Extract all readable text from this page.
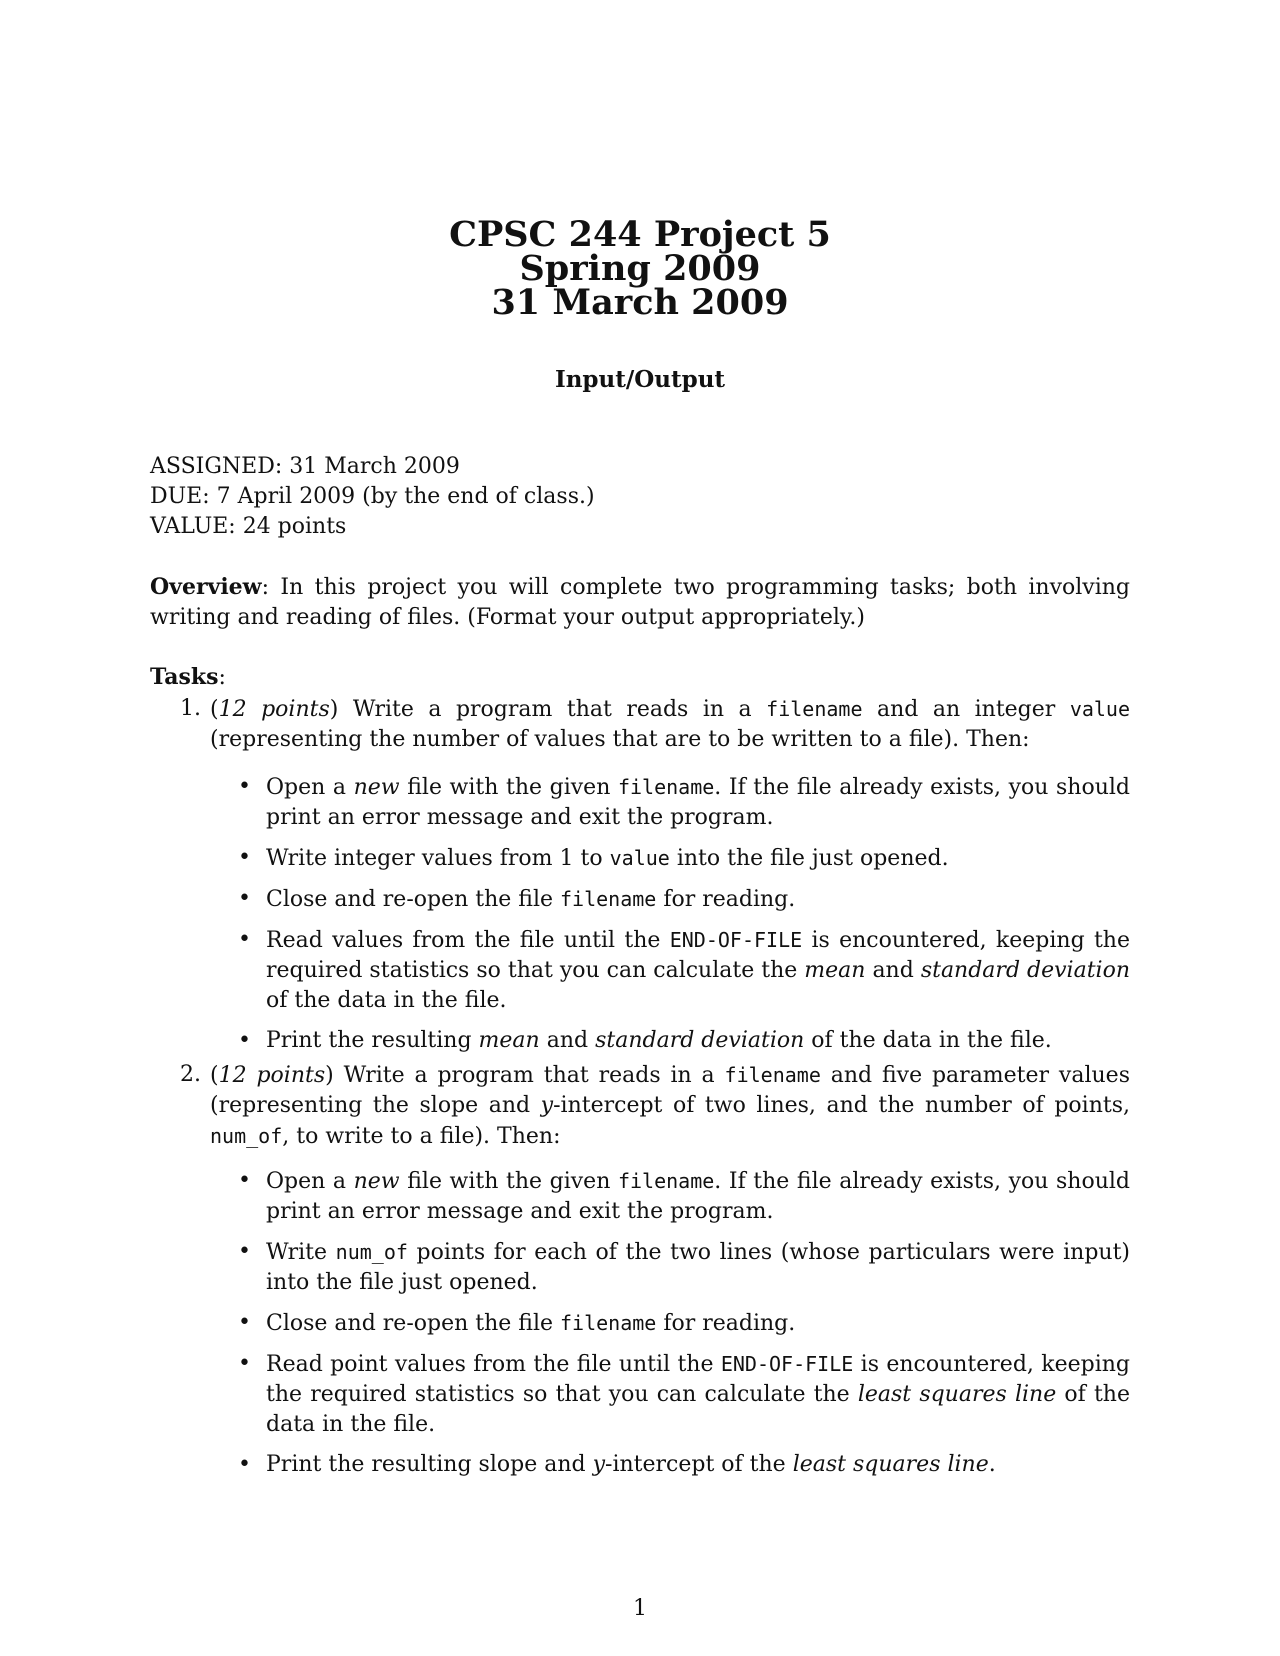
CPSC 244 Project 5
Spring 2009
31 March 2009
Input/Output
ASSIGNED: 31 March 2009
DUE: 7 April 2009 (by the end of class.)
VALUE: 24 points
Overview: In this project you will complete two programming tasks; both involving writing and reading of files. (Format your output appropriately.)
Tasks:
1. (12 points) Write a program that reads in a filename and an integer value (representing the number of values that are to be written to a file). Then:
• Open a new file with the given filename. If the file already exists, you should print an error message and exit the program.
• Write integer values from 1 to value into the file just opened.
• Close and re-open the file filename for reading.
• Read values from the file until the END-OF-FILE is encountered, keeping the required statistics so that you can calculate the mean and standard deviation of the data in the file.
• Print the resulting mean and standard deviation of the data in the file.
2. (12 points) Write a program that reads in a filename and five parameter values (representing the slope and y-intercept of two lines, and the number of points, num_of, to write to a file). Then:
• Open a new file with the given filename. If the file already exists, you should print an error message and exit the program.
• Write num_of points for each of the two lines (whose particulars were input) into the file just opened.
• Close and re-open the file filename for reading.
• Read point values from the file until the END-OF-FILE is encountered, keeping the required statistics so that you can calculate the least squares line of the data in the file.
• Print the resulting slope and y-intercept of the least squares line.
1
